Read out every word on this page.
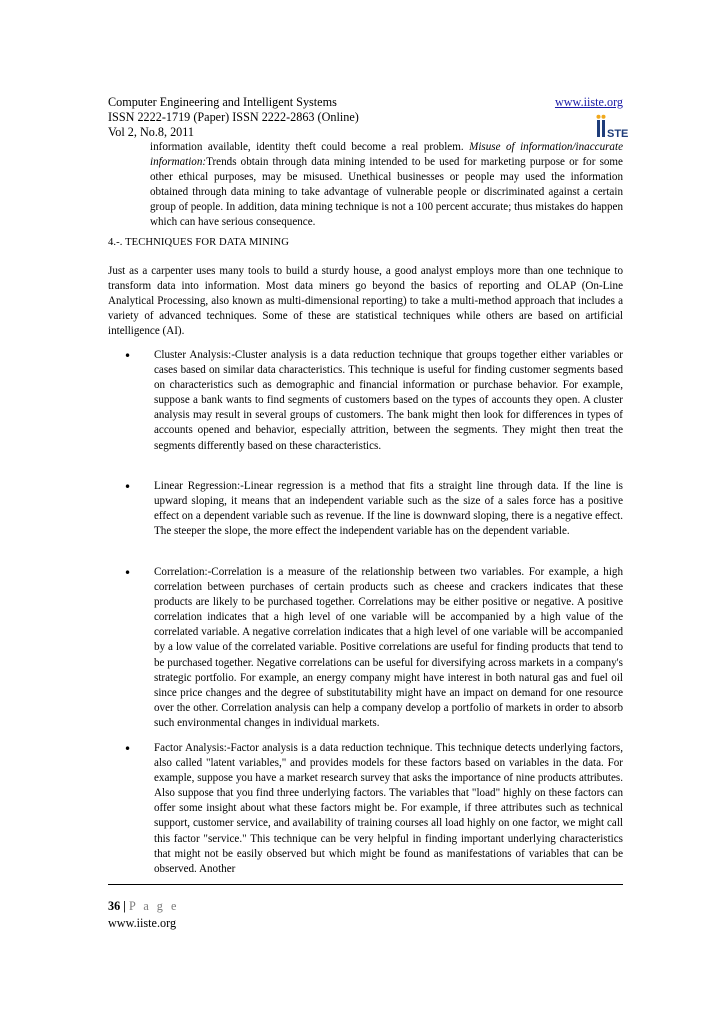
Computer Engineering and Intelligent Systems	www.iiste.org
ISSN 2222-1719 (Paper) ISSN 2222-2863 (Online)
Vol 2, No.8, 2011	STE

information available, identity theft could become a real problem. Misuse of information/inaccurate information:Trends obtain through data mining intended to be used for marketing purpose or for some other ethical purposes, may be misused. Unethical businesses or people may used the information obtained through data mining to take advantage of vulnerable people or discriminated against a certain group of people. In addition, data mining technique is not a 100 percent accurate; thus mistakes do happen which can have serious consequence.

4.-. TECHNIQUES FOR DATA MINING

Just as a carpenter uses many tools to build a sturdy house, a good analyst employs more than one technique to transform data into information. Most data miners go beyond the basics of reporting and OLAP (On-Line Analytical Processing, also known as multi-dimensional reporting) to take a multi-method approach that includes a variety of advanced techniques. Some of these are statistical techniques while others are based on artificial intelligence (AI).

• Cluster Analysis:-Cluster analysis is a data reduction technique that groups together either variables or cases based on similar data characteristics. This technique is useful for finding customer segments based on characteristics such as demographic and financial information or purchase behavior. For example, suppose a bank wants to find segments of customers based on the types of accounts they open. A cluster analysis may result in several groups of customers. The bank might then look for differences in types of accounts opened and behavior, especially attrition, between the segments. They might then treat the segments differently based on these characteristics.

• Linear Regression:-Linear regression is a method that fits a straight line through data. If the line is upward sloping, it means that an independent variable such as the size of a sales force has a positive effect on a dependent variable such as revenue. If the line is downward sloping, there is a negative effect. The steeper the slope, the more effect the independent variable has on the dependent variable.

• Correlation:-Correlation is a measure of the relationship between two variables. For example, a high correlation between purchases of certain products such as cheese and crackers indicates that these products are likely to be purchased together. Correlations may be either positive or negative. A positive correlation indicates that a high level of one variable will be accompanied by a high value of the correlated variable. A negative correlation indicates that a high level of one variable will be accompanied by a low value of the correlated variable. Positive correlations are useful for finding products that tend to be purchased together. Negative correlations can be useful for diversifying across markets in a company's strategic portfolio. For example, an energy company might have interest in both natural gas and fuel oil since price changes and the degree of substitutability might have an impact on demand for one resource over the other. Correlation analysis can help a company develop a portfolio of markets in order to absorb such environmental changes in individual markets.

• Factor Analysis:-Factor analysis is a data reduction technique. This technique detects underlying factors, also called "latent variables," and provides models for these factors based on variables in the data. For example, suppose you have a market research survey that asks the importance of nine products attributes. Also suppose that you find three underlying factors. The variables that "load" highly on these factors can offer some insight about what these factors might be. For example, if three attributes such as technical support, customer service, and availability of training courses all load highly on one factor, we might call this factor "service." This technique can be very helpful in finding important underlying characteristics that might not be easily observed but which might be found as manifestations of variables that can be observed. Another

36 | P a g e
www.iiste.org
